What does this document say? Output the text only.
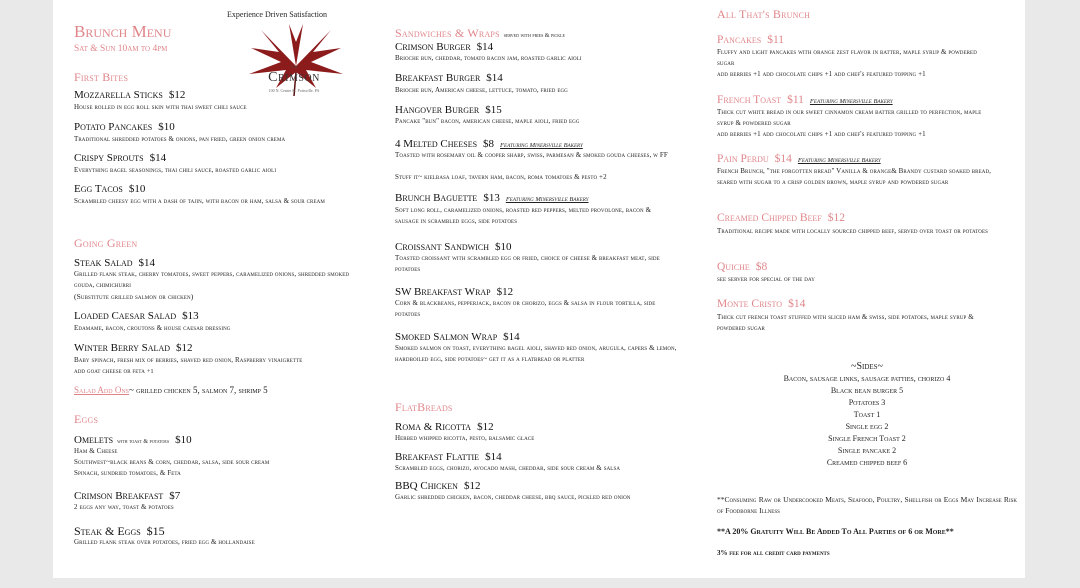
Brunch Menu
Sat & Sun 10am to 4pm
Experience Driven Satisfaction
The
Crimson
100 N. Centre St. Pottsville, PA
First Bites
Mozzarella Sticks $12
House rolled in egg roll skin with thai sweet chili sauce
Potato Pancakes $10
Traditional shredded potatoes & onions, pan fried, green onion crema
Crispy Sprouts $14
Everything bagel seasonings, thai chili sauce, roasted garlic aioli
Egg Tacos $10
Scrambled cheesy egg with a dash of tajin, with bacon or ham, salsa & sour cream
Going Green
Steak Salad $14
Grilled flank steak, cherry tomatoes, sweet peppers, caramelized onions, shredded smoked gouda, chimichurri
(Substitute grilled salmon or chicken)
Loaded Caesar Salad $13
Edamame, bacon, croutons & house caesar dressing
Winter Berry Salad $12
Baby spinach, fresh mix of berries, shaved red onion, Raspberry vinaigrette
add goat cheese or feta +1
Salad Add Ons~ grilled chicken 5, salmon 7, shrimp 5
Eggs
Omelets with toast & potatoes $10
Ham & Cheese
Southwest~black beans & corn, cheddar, salsa, side sour cream
Spinach, sundried tomatoes, & Feta
Crimson Breakfast $7
2 eggs any way, toast & potatoes
Steak & Eggs $15
Grilled flank steak over potatoes, fried egg & hollandaise
Sandwiches & Wraps served with fries & pickle
Crimson Burger $14
Brioche bun, cheddar, tomato bacon jam, roasted garlic aioli
Breakfast Burger $14
Brioche bun, American cheese, lettuce, tomato, fried egg
Hangover Burger $15
Pancake "bun" bacon, american cheese, maple aioli, fried egg
4 Melted Cheeses $8 Featuring Minersville Bakery
Toasted with rosemary oil & cooper sharp, swiss, parmesan & smoked gouda cheeses, w FF
Stuff it~ kielbasa loaf, tavern ham, bacon, roma tomatoes & pesto +2
Brunch Baguette $13 Featuring Minersville Bakery
Soft long roll, caramelized onions, roasted red peppers, melted provolone, bacon & sausage in scrambled eggs, side potatoes
Croissant Sandwich $10
Toasted croissant with scrambled egg or fried, choice of cheese & breakfast meat, side potatoes
SW Breakfast Wrap $12
Corn & blackbeans, pepperjack, bacon or chorizo, eggs & salsa in flour tortilla, side potatoes
Smoked Salmon Wrap $14
Smoked salmon on toast, everything bagel aioli, shaved red onion, arugula, capers & lemon, hardboiled egg, side potatoes~ get it as a flatbread or platter
FlatBreads
Roma & Ricotta $12
Herbed whipped ricotta, pesto, balsamic glace
Breakfast Flattie $14
Scrambled eggs, chorizo, avocado mash, cheddar, side sour cream & salsa
BBQ Chicken $12
Garlic shredded chicken, bacon, cheddar cheese, bbq sauce, pickled red onion
All That's Brunch
Pancakes $11
Fluffy and light pancakes with orange zest flavor in batter, maple syrup & powdered sugar
add berries +1 add chocolate chips +1 add chef's featured topping +1
French Toast $11 Featuring Minersville Bakery
Thick cut white bread in our sweet cinnamon cream batter grilled to perfection, maple syrup & powdered sugar
add berries +1 add chocolate chips +1 add chef's featured topping +1
Pain Perdu $14 Featuring Minersville Bakery
French Brunch, "the forgotten bread" Vanilla & orange& Brandy custard soaked bread, seared with sugar to a crisp golden brown, maple syrup and powdered sugar
Creamed Chipped Beef $12
Traditional recipe made with locally sourced chipped beef, served over toast or potatoes
Quiche $8
see server for special of the day
Monte Cristo $14
Thick cut french toast stuffed with sliced ham & swiss, side potatoes, maple syrup & powdered sugar
~Sides~
Bacon, sausage links, sausage patties, chorizo 4
Black bean burger 5
Potatoes 3
Toast 1
Single egg 2
Single French Toast 2
Single pancake 2
Creamed chipped beef 6
**Consuming Raw or Undercooked Meats, Seafood, Poultry, Shellfish or Eggs May Increase Risk of Foodborne Illness
**A 20% Gratuity Will Be Added To All Parties of 6 or More**
3% fee for all credit card payments
